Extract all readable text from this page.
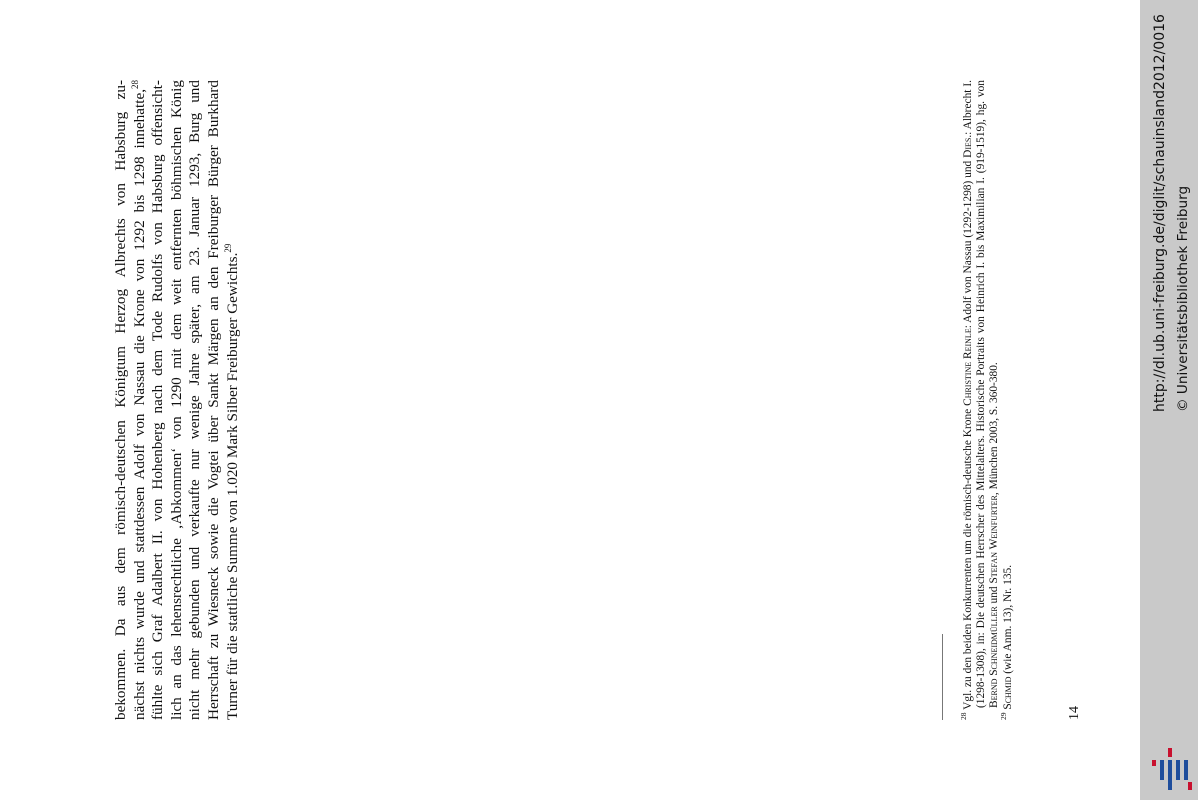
bekommen. Da aus dem römisch-deutschen Königtum Herzog Albrechts von Habsburg zu- nächst nichts wurde und stattdessen Adolf von Nassau die Krone von 1292 bis 1298 innehatte,$^{28}$ fühlte sich Graf Adalbert II. von Hohenberg nach dem Tode Rudolfs von Habsburg offensicht- lich an das lehensrechtliche ‚Abkommen‘ von 1290 mit dem weit entfernten böhmischen König nicht mehr gebunden und verkaufte nur wenige Jahre später, am 23. Januar 1293, Burg und Herrschaft zu Wiesneck sowie die Vogtei über Sankt Märgen an den Freiburger Bürger Burkhard Turner für die stattliche Summe von 1.020 Mark Silber Freiburger Gewichts.$^{29}$
$^{28}$ Vgl. zu den beiden Konkurrenten um die römisch-deutsche Krone Christine Reinle: Adolf von Nassau (1292-1298) und Dies.: Albrecht I. (1298-1308), in: Die deutschen Herrscher des Mittelalters. Historische Portraits von Heinrich I. bis Maximilian I. (919-1519), hg. von Bernd Schneidmüller und Stefan Weinfurter, München 2003, S. 360-380.
$^{29}$ Schmid (wie Anm. 13), Nr. 135.
14
http://dl.ub.uni-freiburg.de/diglit/schauinsland2012/0016 © Universitätsbibliothek Freiburg
